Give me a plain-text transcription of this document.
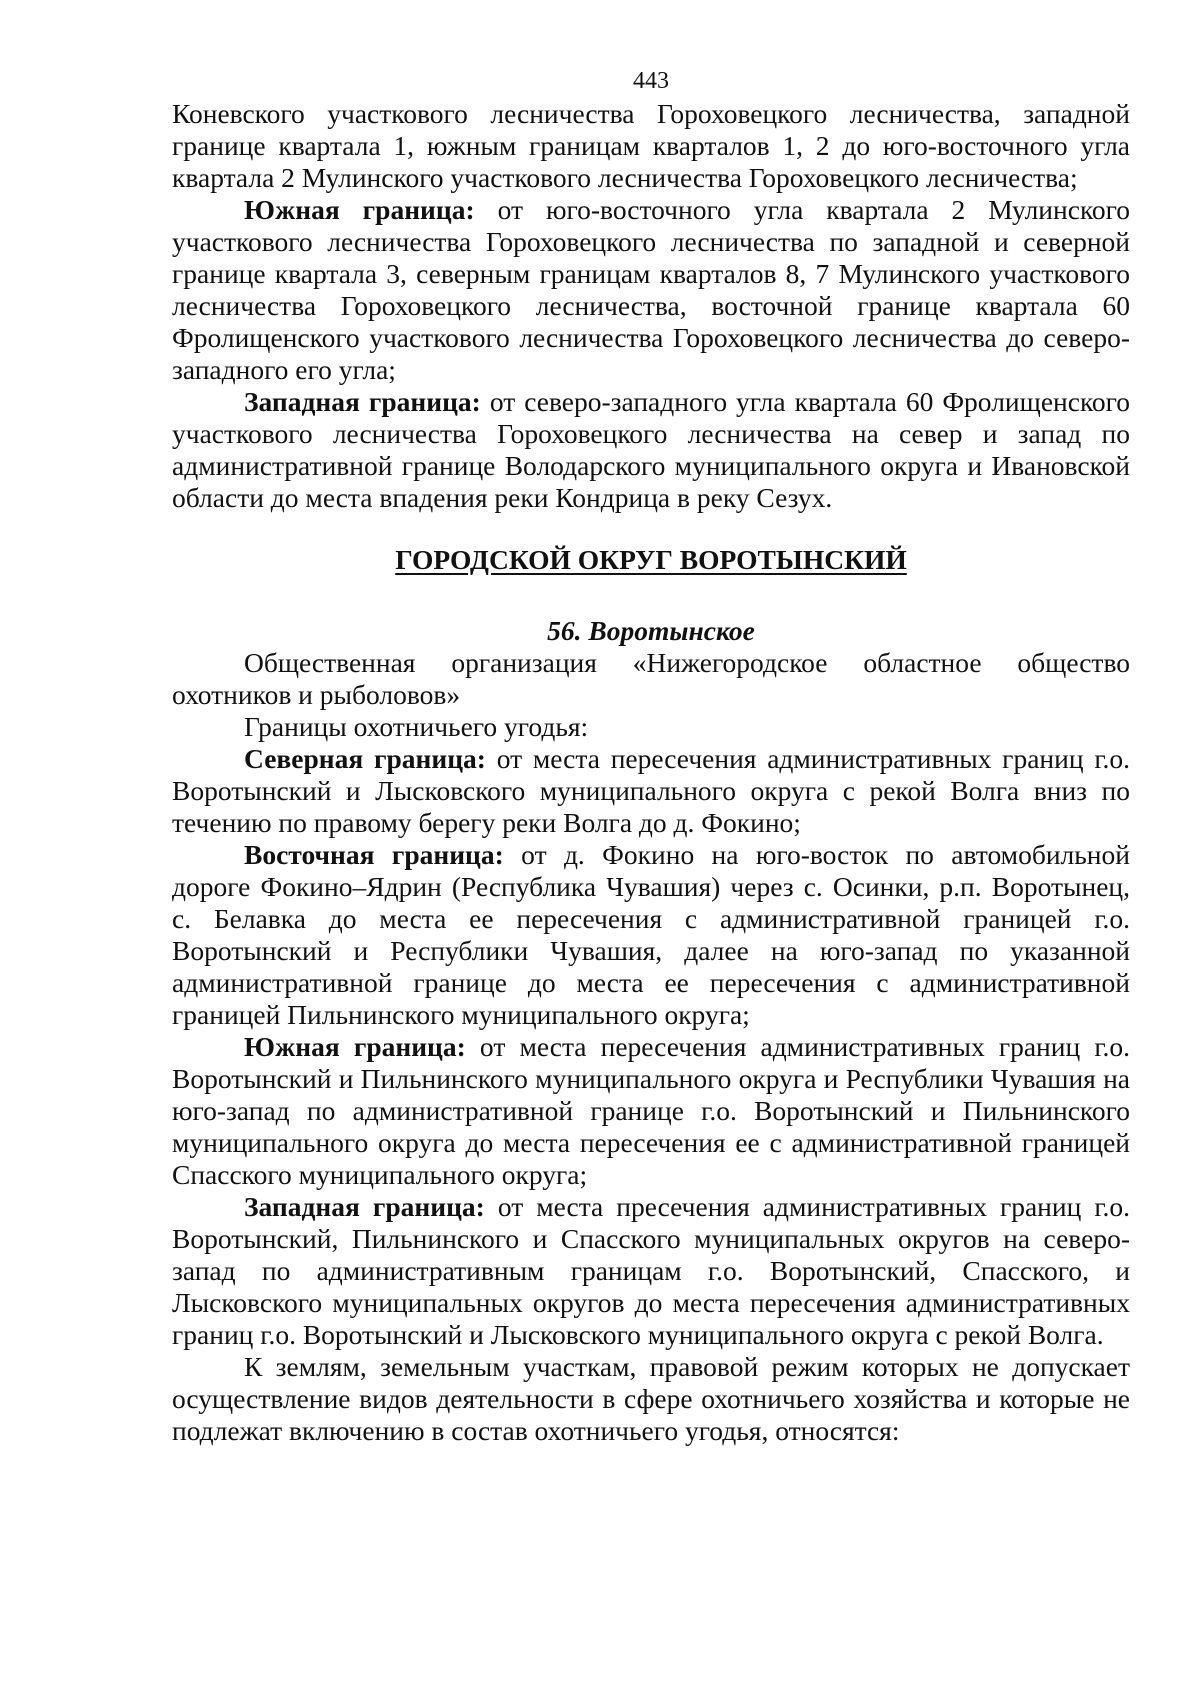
443

Коневского участкового лесничества Гороховецкого лесничества, западной границе квартала 1, южным границам кварталов 1, 2 до юго-восточного угла квартала 2 Мулинского участкового лесничества Гороховецкого лесничества;

Южная граница: от юго-восточного угла квартала 2 Мулинского участкового лесничества Гороховецкого лесничества по западной и северной границе квартала 3, северным границам кварталов 8, 7 Мулинского участкового лесничества Гороховецкого лесничества, восточной границе квартала 60 Фролищенского участкового лесничества Гороховецкого лесничества до северо-западного его угла;

Западная граница: от северо-западного угла квартала 60 Фролищенского участкового лесничества Гороховецкого лесничества на север и запад по административной границе Володарского муниципального округа и Ивановской области до места впадения реки Кондрица в реку Сезух.

ГОРОДСКОЙ ОКРУГ ВОРОТЫНСКИЙ
56. Воротынское

Общественная организация «Нижегородское областное общество охотников и рыболовов»

Границы охотничьего угодья:

Северная граница: от места пересечения административных границ г.о. Воротынский и Лысковского муниципального округа с рекой Волга вниз по течению по правому берегу реки Волга до д. Фокино;

Восточная граница: от д. Фокино на юго-восток по автомобильной дороге Фокино–Ядрин (Республика Чувашия) через с. Осинки, р.п. Воротынец, с. Белавка до места ее пересечения с административной границей г.о. Воротынский и Республики Чувашия, далее на юго-запад по указанной административной границе до места ее пересечения с административной границей Пильнинского муниципального округа;

Южная граница: от места пересечения административных границ г.о. Воротынский и Пильнинского муниципального округа и Республики Чувашия на юго-запад по административной границе г.о. Воротынский и Пильнинского муниципального округа до места пересечения ее с административной границей Спасского муниципального округа;

Западная граница: от места пресечения административных границ г.о. Воротынский, Пильнинского и Спасского муниципальных округов на северо-запад по административным границам г.о. Воротынский, Спасского, и Лысковского муниципальных округов до места пересечения административных границ г.о. Воротынский и Лысковского муниципального округа с рекой Волга.

К землям, земельным участкам, правовой режим которых не допускает осуществление видов деятельности в сфере охотничьего хозяйства и которые не подлежат включению в состав охотничьего угодья, относятся:
